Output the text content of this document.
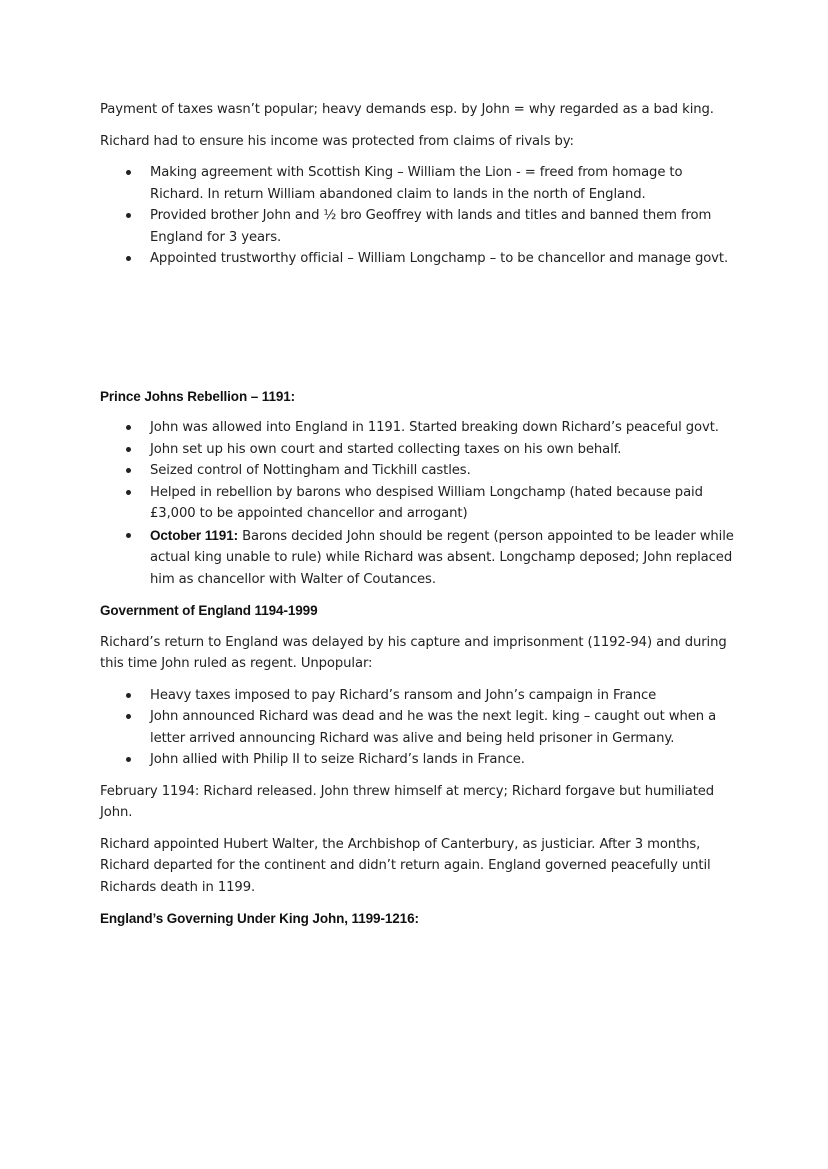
Payment of taxes wasn’t popular; heavy demands esp. by John = why regarded as a bad king.

Richard had to ensure his income was protected from claims of rivals by:

Making agreement with Scottish King – William the Lion - = freed from homage to Richard. In return William abandoned claim to lands in the north of England.
Provided brother John and ½ bro Geoffrey with lands and titles and banned them from England for 3 years.
Appointed trustworthy official – William Longchamp – to be chancellor and manage govt.

Prince Johns Rebellion – 1191:

John was allowed into England in 1191. Started breaking down Richard’s peaceful govt.
John set up his own court and started collecting taxes on his own behalf.
Seized control of Nottingham and Tickhill castles.
Helped in rebellion by barons who despised William Longchamp (hated because paid £3,000 to be appointed chancellor and arrogant)
October 1191: Barons decided John should be regent (person appointed to be leader while actual king unable to rule) while Richard was absent. Longchamp deposed; John replaced him as chancellor with Walter of Coutances.

Government of England 1194-1999

Richard’s return to England was delayed by his capture and imprisonment (1192-94) and during this time John ruled as regent. Unpopular:

Heavy taxes imposed to pay Richard’s ransom and John’s campaign in France
John announced Richard was dead and he was the next legit. king – caught out when a letter arrived announcing Richard was alive and being held prisoner in Germany.
John allied with Philip II to seize Richard’s lands in France.

February 1194: Richard released. John threw himself at mercy; Richard forgave but humiliated John.

Richard appointed Hubert Walter, the Archbishop of Canterbury, as justiciar. After 3 months, Richard departed for the continent and didn’t return again. England governed peacefully until Richards death in 1199.

England’s Governing Under King John, 1199-1216:
